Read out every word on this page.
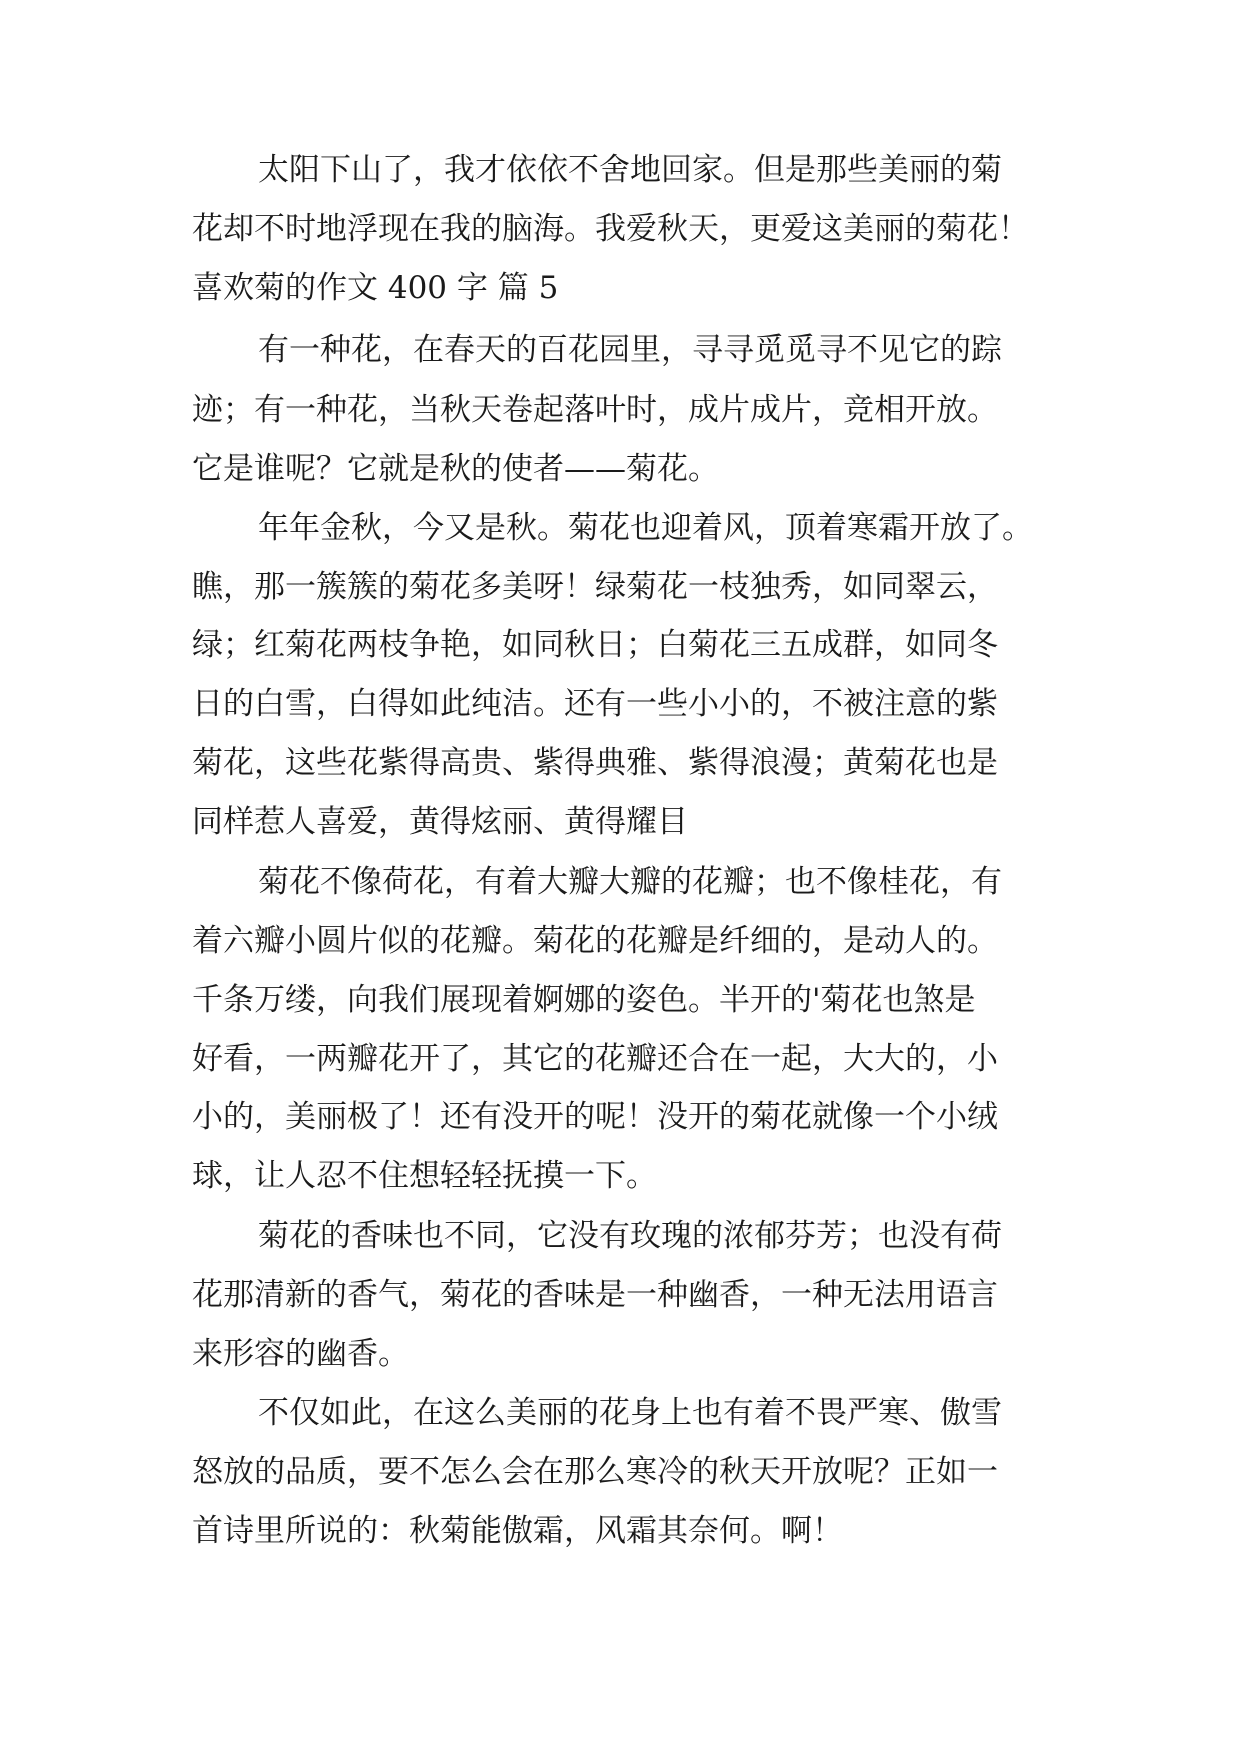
太阳下山了，我才依依不舍地回家。但是那些美丽的菊

花却不时地浮现在我的脑海。我爱秋天，更爱这美丽的菊花！

喜欢菊的作文 400 字 篇 5

有一种花，在春天的百花园里，寻寻觅觅寻不见它的踪

迹；有一种花，当秋天卷起落叶时，成片成片，竞相开放。

它是谁呢？它就是秋的使者——菊花。

年年金秋，今又是秋。菊花也迎着风，顶着寒霜开放了。

瞧，那一簇簇的菊花多美呀！绿菊花一枝独秀，如同翠云，

绿；红菊花两枝争艳，如同秋日；白菊花三五成群，如同冬

日的白雪，白得如此纯洁。还有一些小小的，不被注意的紫

菊花，这些花紫得高贵、紫得典雅、紫得浪漫；黄菊花也是

同样惹人喜爱，黄得炫丽、黄得耀目

菊花不像荷花，有着大瓣大瓣的花瓣；也不像桂花，有

着六瓣小圆片似的花瓣。菊花的花瓣是纤细的，是动人的。

千条万缕，向我们展现着婀娜的姿色。半开的'菊花也煞是

好看，一两瓣花开了，其它的花瓣还合在一起，大大的，小

小的，美丽极了！还有没开的呢！没开的菊花就像一个小绒

球，让人忍不住想轻轻抚摸一下。

菊花的香味也不同，它没有玫瑰的浓郁芬芳；也没有荷

花那清新的香气，菊花的香味是一种幽香，一种无法用语言

来形容的幽香。

不仅如此，在这么美丽的花身上也有着不畏严寒、傲雪

怒放的品质，要不怎么会在那么寒冷的秋天开放呢？正如一

首诗里所说的：秋菊能傲霜，风霜其奈何。啊！
